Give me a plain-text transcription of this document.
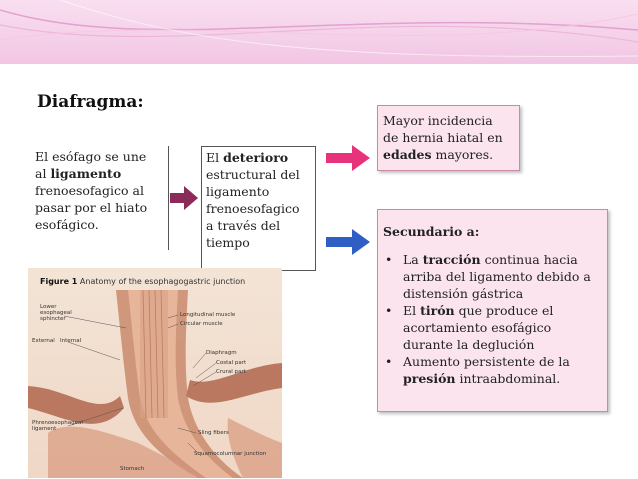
Diafragma:
El esófago se une
al ligamento
frenoesofagico al
pasar por el hiato
esofágico.
El deterioro
estructural del
ligamento
frenoesofagico
a través del
tiempo
Mayor incidencia
de hernia hiatal en
edades mayores.
Secundario a:
• La tracción continua hacia
arriba del ligamento debido a
distensión gástrica
• El tirón que produce el
acortamiento esofágico
durante la deglución
• Aumento persistente de la
presión intraabdominal.
Figure 1 Anatomy of the esophagogastric junction
Lower
esophageal
sphincter
Longitudinal muscle
Circular muscle
External Internal
Diaphragm
Costal part
Crural part
Phrenoesophageal
ligament
Sling fibers
Squamocolumnar junction
Stomach
